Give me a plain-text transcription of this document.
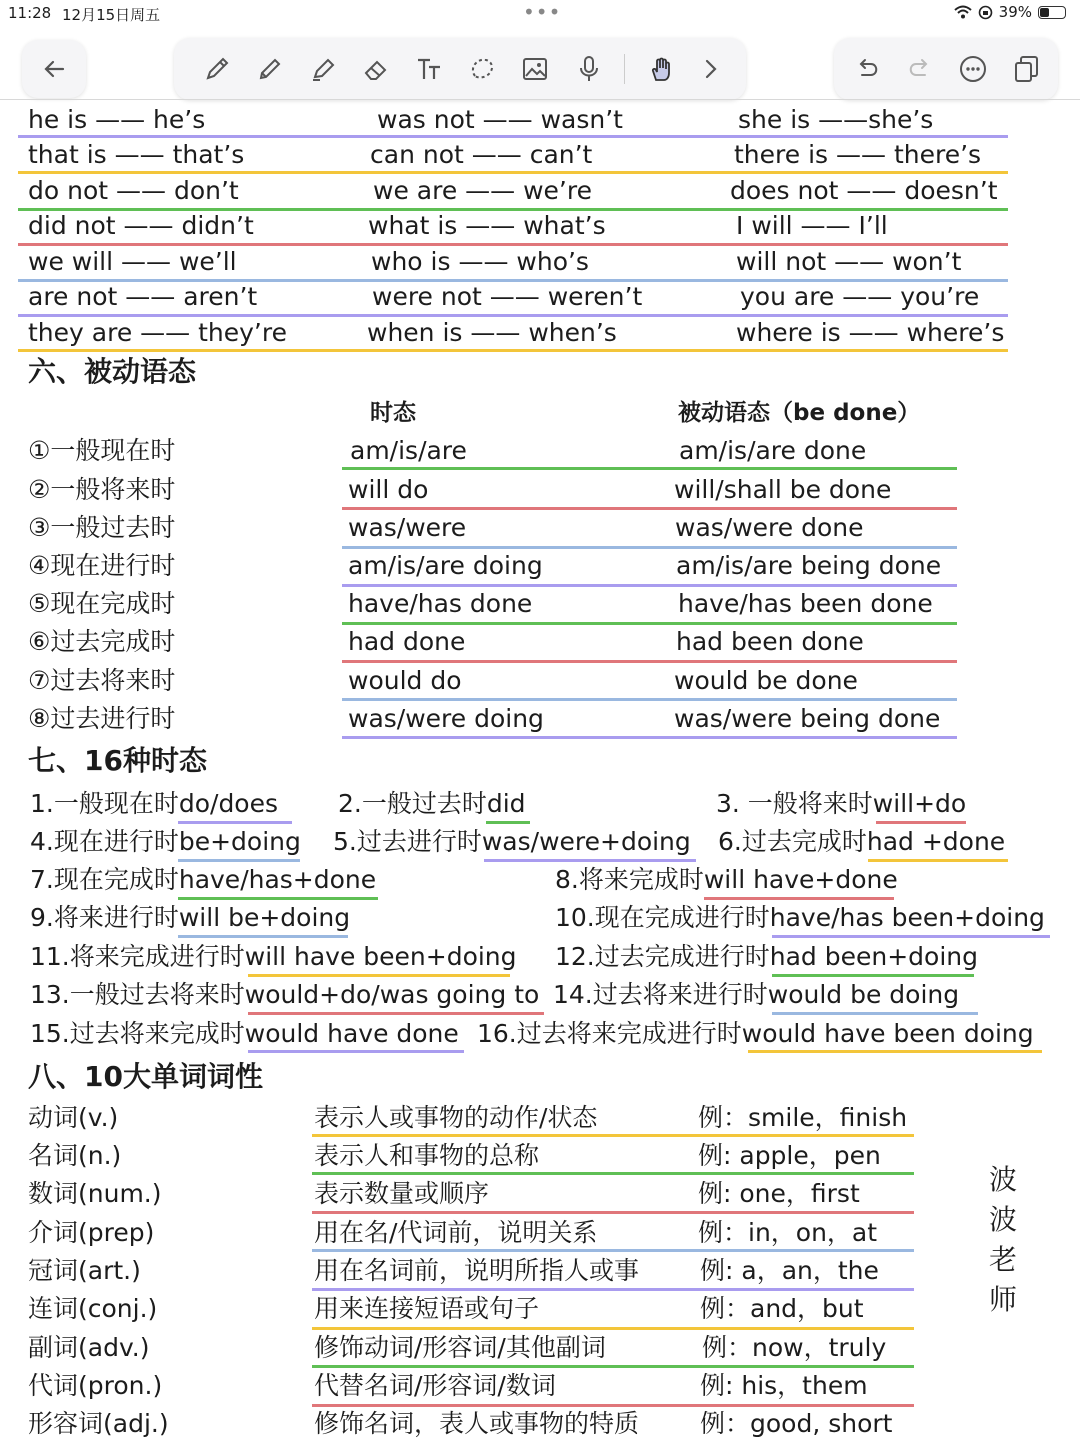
11:28 12月15日周五	•••	39%
he is —— he’s	was not —— wasn’t	she is ——she’s
that is —— that’s	can not —— can’t	there is —— there’s
do not —— don’t	we are —— we’re	does not —— doesn’t
did not —— didn’t	what is —— what’s	I will —— I’ll
we will —— we’ll	who is —— who’s	will not —— won’t
are not —— aren’t	were not —— weren’t	you are —— you’re
they are —— they’re	when is —— when’s	where is —— where’s
六、被动语态
时态	被动语态（be done）
①一般现在时	am/is/are	am/is/are done
②一般将来时	will do	will/shall be done
③一般过去时	was/were	was/were done
④现在进行时	am/is/are doing	am/is/are being done
⑤现在完成时	have/has done	have/has been done
⑥过去完成时	had done	had been done
⑦过去将来时	would do	would be done
⑧过去进行时	was/were doing	was/were being done
七、16种时态
1.一般现在时do/does 2.一般过去时did	3. 一般将来时will+do
4.现在进行时be+doing 5.过去进行时was/were+doing 6.过去完成时had +done
7.现在完成时have/has+done	8.将来完成时will have+done
9.将来进行时will be+doing	10.现在完成进行时have/has been+doing
11.将来完成进行时will have been+doing 12.过去完成进行时had been+doing
13.一般过去将来时would+do/was going to 14.过去将来进行时would be doing
15.过去将来完成时would have done 16.过去将来完成进行时would have been doing
八、10大单词词性
动词(v.)	表示人或事物的动作/状态	例：smile，finish
名词(n.)	表示人和事物的总称	例: apple，pen
数词(num.)	表示数量或顺序	例: one，first
介词(prep)	用在名/代词前，说明关系	例：in，on，at
冠词(art.)	用在名词前，说明所指人或事 例: a，an，the
连词(conj.)	用来连接短语或句子	例：and，but
副词(adv.)	修饰动词/形容词/其他副词	例：now，truly
代词(pron.)	代替名词/形容词/数词	例: his，them
形容词(adj.)	修饰名词，表人或事物的特质 例：good, short
波
波
老
师
